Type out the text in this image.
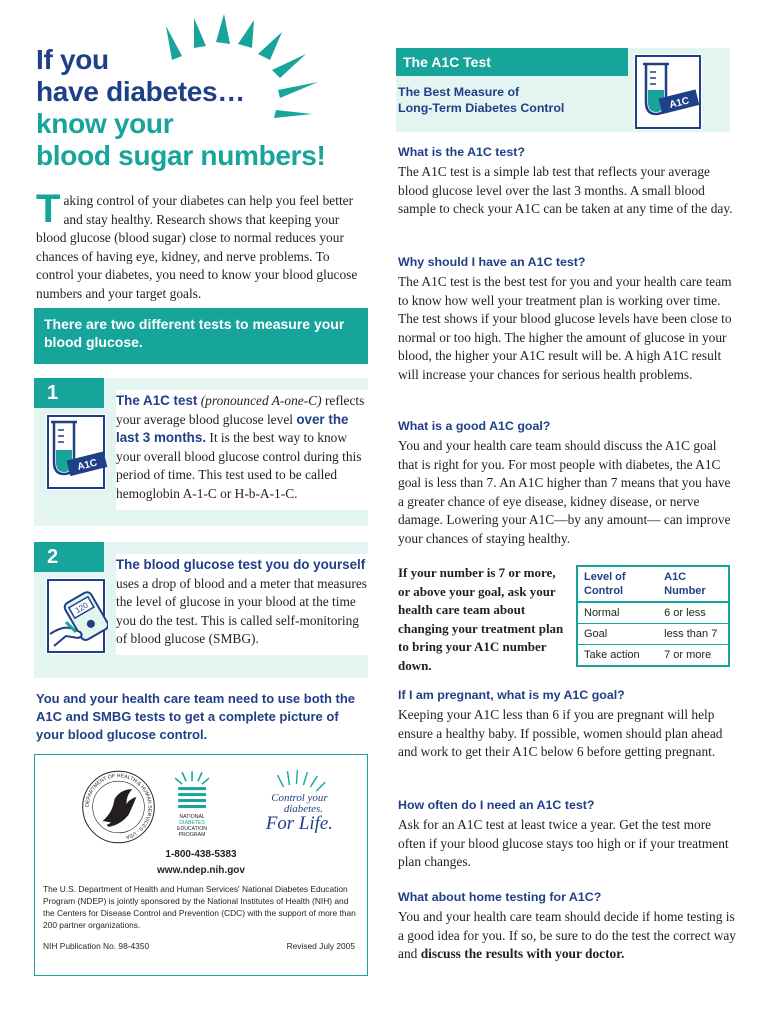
If you
have diabetes…
know your
blood sugar numbers!
Taking control of your diabetes can help you feel better and stay healthy. Research shows that keeping your blood glucose (blood sugar) close to normal reduces your chances of having eye, kidney, and nerve problems. To control your diabetes, you need to know your blood glucose numbers and your target goals.
There are two different tests to measure your blood glucose.
1
A1C
The A1C test (pronounced A-one-C) reflects your average blood glucose level over the last 3 months. It is the best way to know your overall blood glucose control during this period of time. This test used to be called hemoglobin A-1-C or H-b-A-1-C.
2
120
The blood glucose test you do yourself uses a drop of blood and a meter that measures the level of glucose in your blood at the time you do the test. This is called self-monitoring of blood glucose (SMBG).
You and your health care team need to use both the A1C and SMBG tests to get a complete picture of your blood glucose control.
DEPARTMENT OF HEALTH & HUMAN SERVICES · USA
NATIONAL
DIABETES
EDUCATION
PROGRAM
Control your
diabetes.
For Life.
1-800-438-5383
www.ndep.nih.gov
The U.S. Department of Health and Human Services' National Diabetes Education Program (NDEP) is jointly sponsored by the National Institutes of Health (NIH) and the Centers for Disease Control and Prevention (CDC) with the support of more than 200 partner organizations.
NIH Publication No. 98-4350	Revised July 2005
The A1C Test
The Best Measure of
Long-Term Diabetes Control	A1C
What is the A1C test?
The A1C test is a simple lab test that reflects your average blood glucose level over the last 3 months. A small blood sample to check your A1C can be taken at any time of the day.
Why should I have an A1C test?
The A1C test is the best test for you and your health care team to know how well your treatment plan is working over time. The test shows if your blood glucose levels have been close to normal or too high. The higher the amount of glucose in your blood, the higher your A1C result will be. A high A1C result will increase your chances for serious health problems.
What is a good A1C goal?
You and your health care team should discuss the A1C goal that is right for you. For most people with diabetes, the A1C goal is less than 7. An A1C higher than 7 means that you have a greater chance of eye disease, kidney disease, or nerve damage. Lowering your A1C—by any amount— can improve your chances of staying healthy.
If your number is 7 or more, or above your goal, ask your health care team about changing your treatment plan to bring your A1C number down.
Level of Control	A1C Number
Normal	6 or less
Goal	less than 7
Take action	7 or more
If I am pregnant, what is my A1C goal?
Keeping your A1C less than 6 if you are pregnant will help ensure a healthy baby. If possible, women should plan ahead and work to get their A1C below 6 before getting pregnant.
How often do I need an A1C test?
Ask for an A1C test at least twice a year. Get the test more often if your blood glucose stays too high or if your treatment plan changes.
What about home testing for A1C?
You and your health care team should decide if home testing is a good idea for you. If so, be sure to do the test the correct way and discuss the results with your doctor.
